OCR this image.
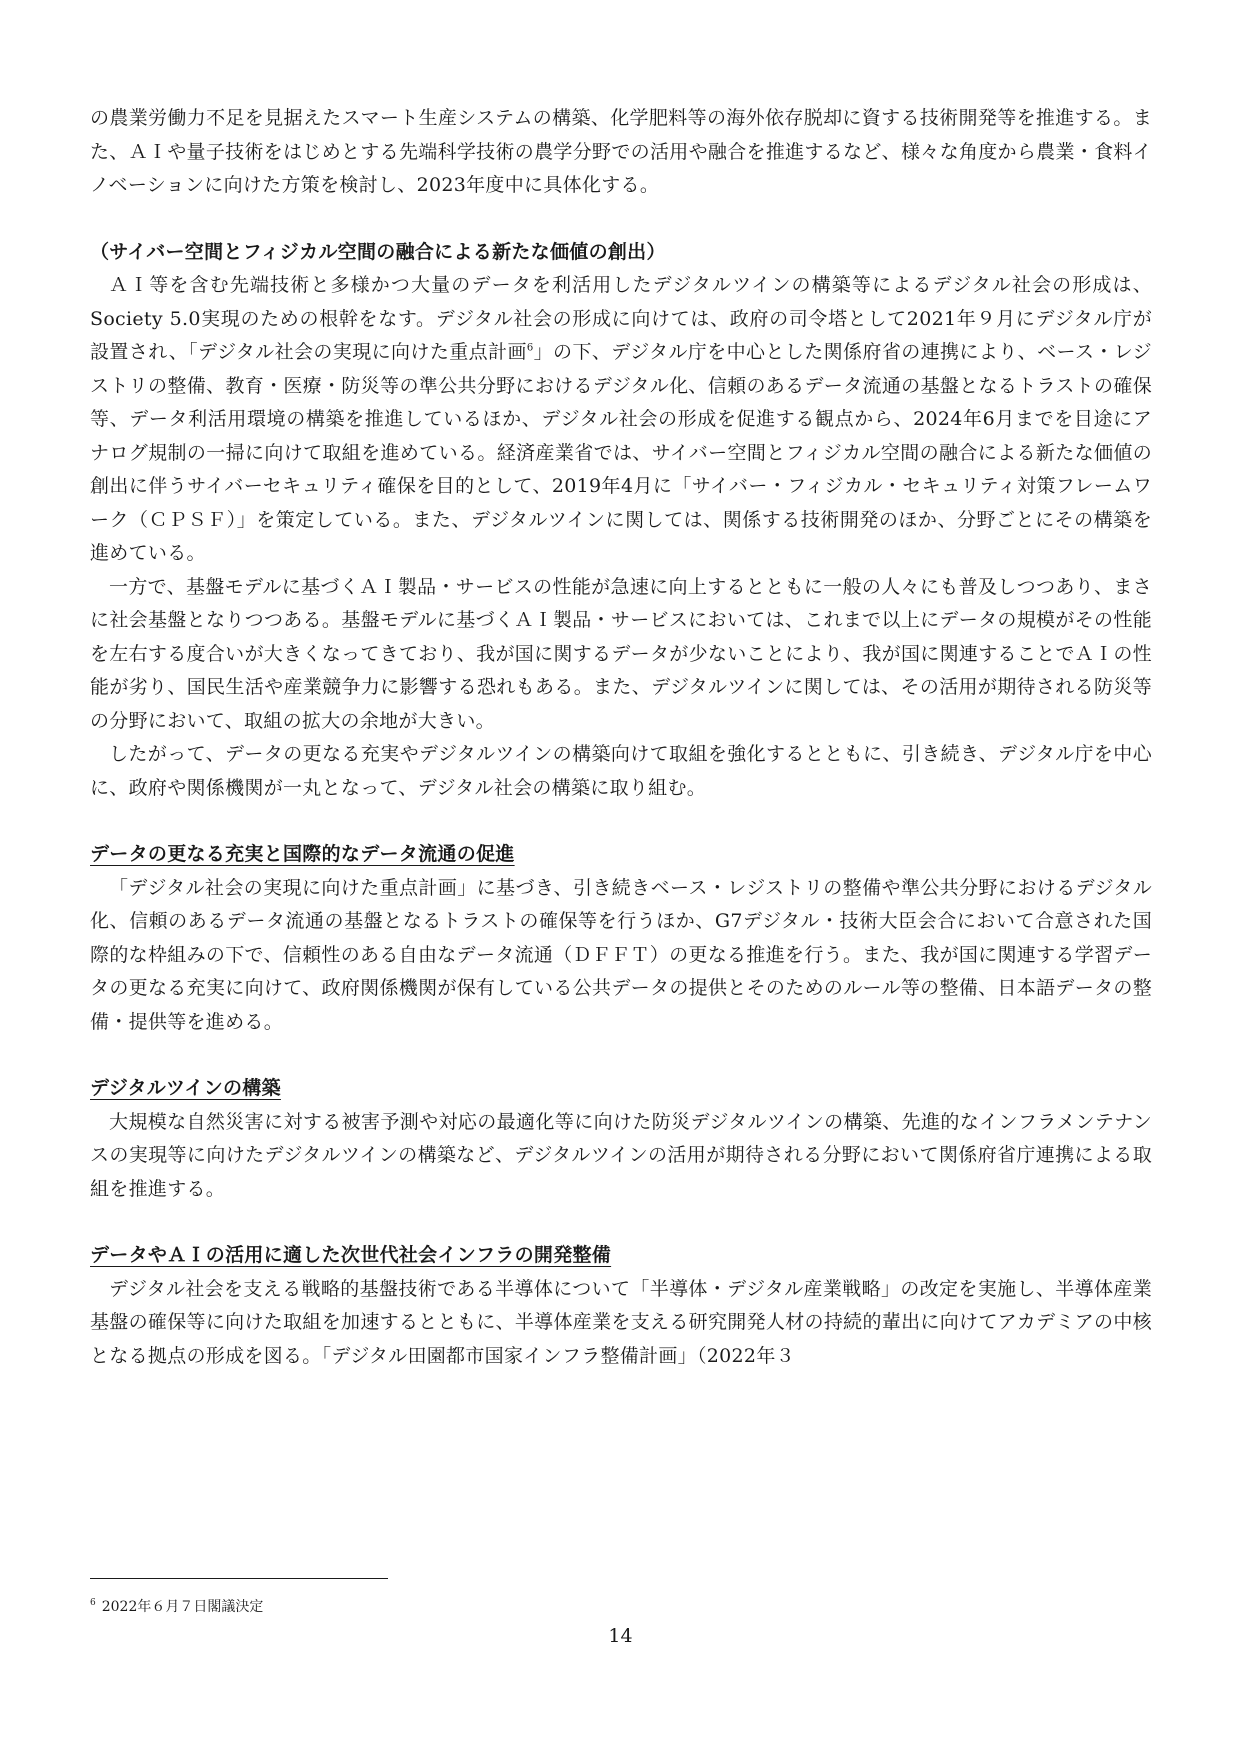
の農業労働力不足を見据えたスマート生産システムの構築、化学肥料等の海外依存脱却に資する技術開発等を推進する。また、ＡＩや量子技術をはじめとする先端科学技術の農学分野での活用や融合を推進するなど、様々な角度から農業・食料イノベーションに向けた方策を検討し、2023年度中に具体化する。

（サイバー空間とフィジカル空間の融合による新たな価値の創出）

ＡＩ等を含む先端技術と多様かつ大量のデータを利活用したデジタルツインの構築等によるデジタル社会の形成は、Society 5.0実現のための根幹をなす。デジタル社会の形成に向けては、政府の司令塔として2021年９月にデジタル庁が設置され、「デジタル社会の実現に向けた重点計画$^6$」の下、デジタル庁を中心とした関係府省の連携により、ベース・レジストリの整備、教育・医療・防災等の準公共分野におけるデジタル化、信頼のあるデータ流通の基盤となるトラストの確保等、データ利活用環境の構築を推進しているほか、デジタル社会の形成を促進する観点から、2024年6月までを目途にアナログ規制の一掃に向けて取組を進めている。経済産業省では、サイバー空間とフィジカル空間の融合による新たな価値の創出に伴うサイバーセキュリティ確保を目的として、2019年4月に「サイバー・フィジカル・セキュリティ対策フレームワーク（ＣＰＳＦ）」を策定している。また、デジタルツインに関しては、関係する技術開発のほか、分野ごとにその構築を進めている。

一方で、基盤モデルに基づくＡＩ製品・サービスの性能が急速に向上するとともに一般の人々にも普及しつつあり、まさに社会基盤となりつつある。基盤モデルに基づくＡＩ製品・サービスにおいては、これまで以上にデータの規模がその性能を左右する度合いが大きくなってきており、我が国に関するデータが少ないことにより、我が国に関連することでＡＩの性能が劣り、国民生活や産業競争力に影響する恐れもある。また、デジタルツインに関しては、その活用が期待される防災等の分野において、取組の拡大の余地が大きい。

したがって、データの更なる充実やデジタルツインの構築向けて取組を強化するとともに、引き続き、デジタル庁を中心に、政府や関係機関が一丸となって、デジタル社会の構築に取り組む。

データの更なる充実と国際的なデータ流通の促進

「デジタル社会の実現に向けた重点計画」に基づき、引き続きベース・レジストリの整備や準公共分野におけるデジタル化、信頼のあるデータ流通の基盤となるトラストの確保等を行うほか、G7デジタル・技術大臣会合において合意された国際的な枠組みの下で、信頼性のある自由なデータ流通（ＤＦＦＴ）の更なる推進を行う。また、我が国に関連する学習データの更なる充実に向けて、政府関係機関が保有している公共データの提供とそのためのルール等の整備、日本語データの整備・提供等を進める。

デジタルツインの構築

大規模な自然災害に対する被害予測や対応の最適化等に向けた防災デジタルツインの構築、先進的なインフラメンテナンスの実現等に向けたデジタルツインの構築など、デジタルツインの活用が期待される分野において関係府省庁連携による取組を推進する。

データやＡＩの活用に適した次世代社会インフラの開発整備

デジタル社会を支える戦略的基盤技術である半導体について「半導体・デジタル産業戦略」の改定を実施し、半導体産業基盤の確保等に向けた取組を加速するとともに、半導体産業を支える研究開発人材の持続的輩出に向けてアカデミアの中核となる拠点の形成を図る。「デジタル田園都市国家インフラ整備計画」（2022年３

$^6$ 2022年６月７日閣議決定
14
